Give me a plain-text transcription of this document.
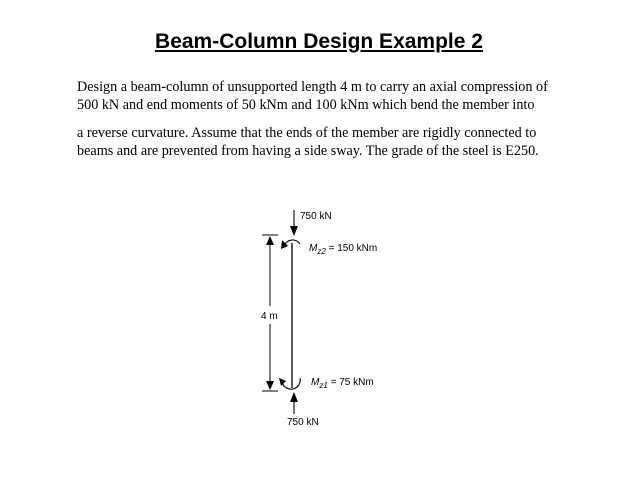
Beam-Column Design Example 2
Design a beam-column of unsupported length 4 m to carry an axial compression of
500 kN and end moments of 50 kNm and 100 kNm which bend the member into
a reverse curvature. Assume that the ends of the member are rigidly connected to
beams and are prevented from having a side sway. The grade of the steel is E250.
750 kN
$M_{z2} = 150$ kNm
4 m
$M_{z1} = 75$ kNm
750 kN
